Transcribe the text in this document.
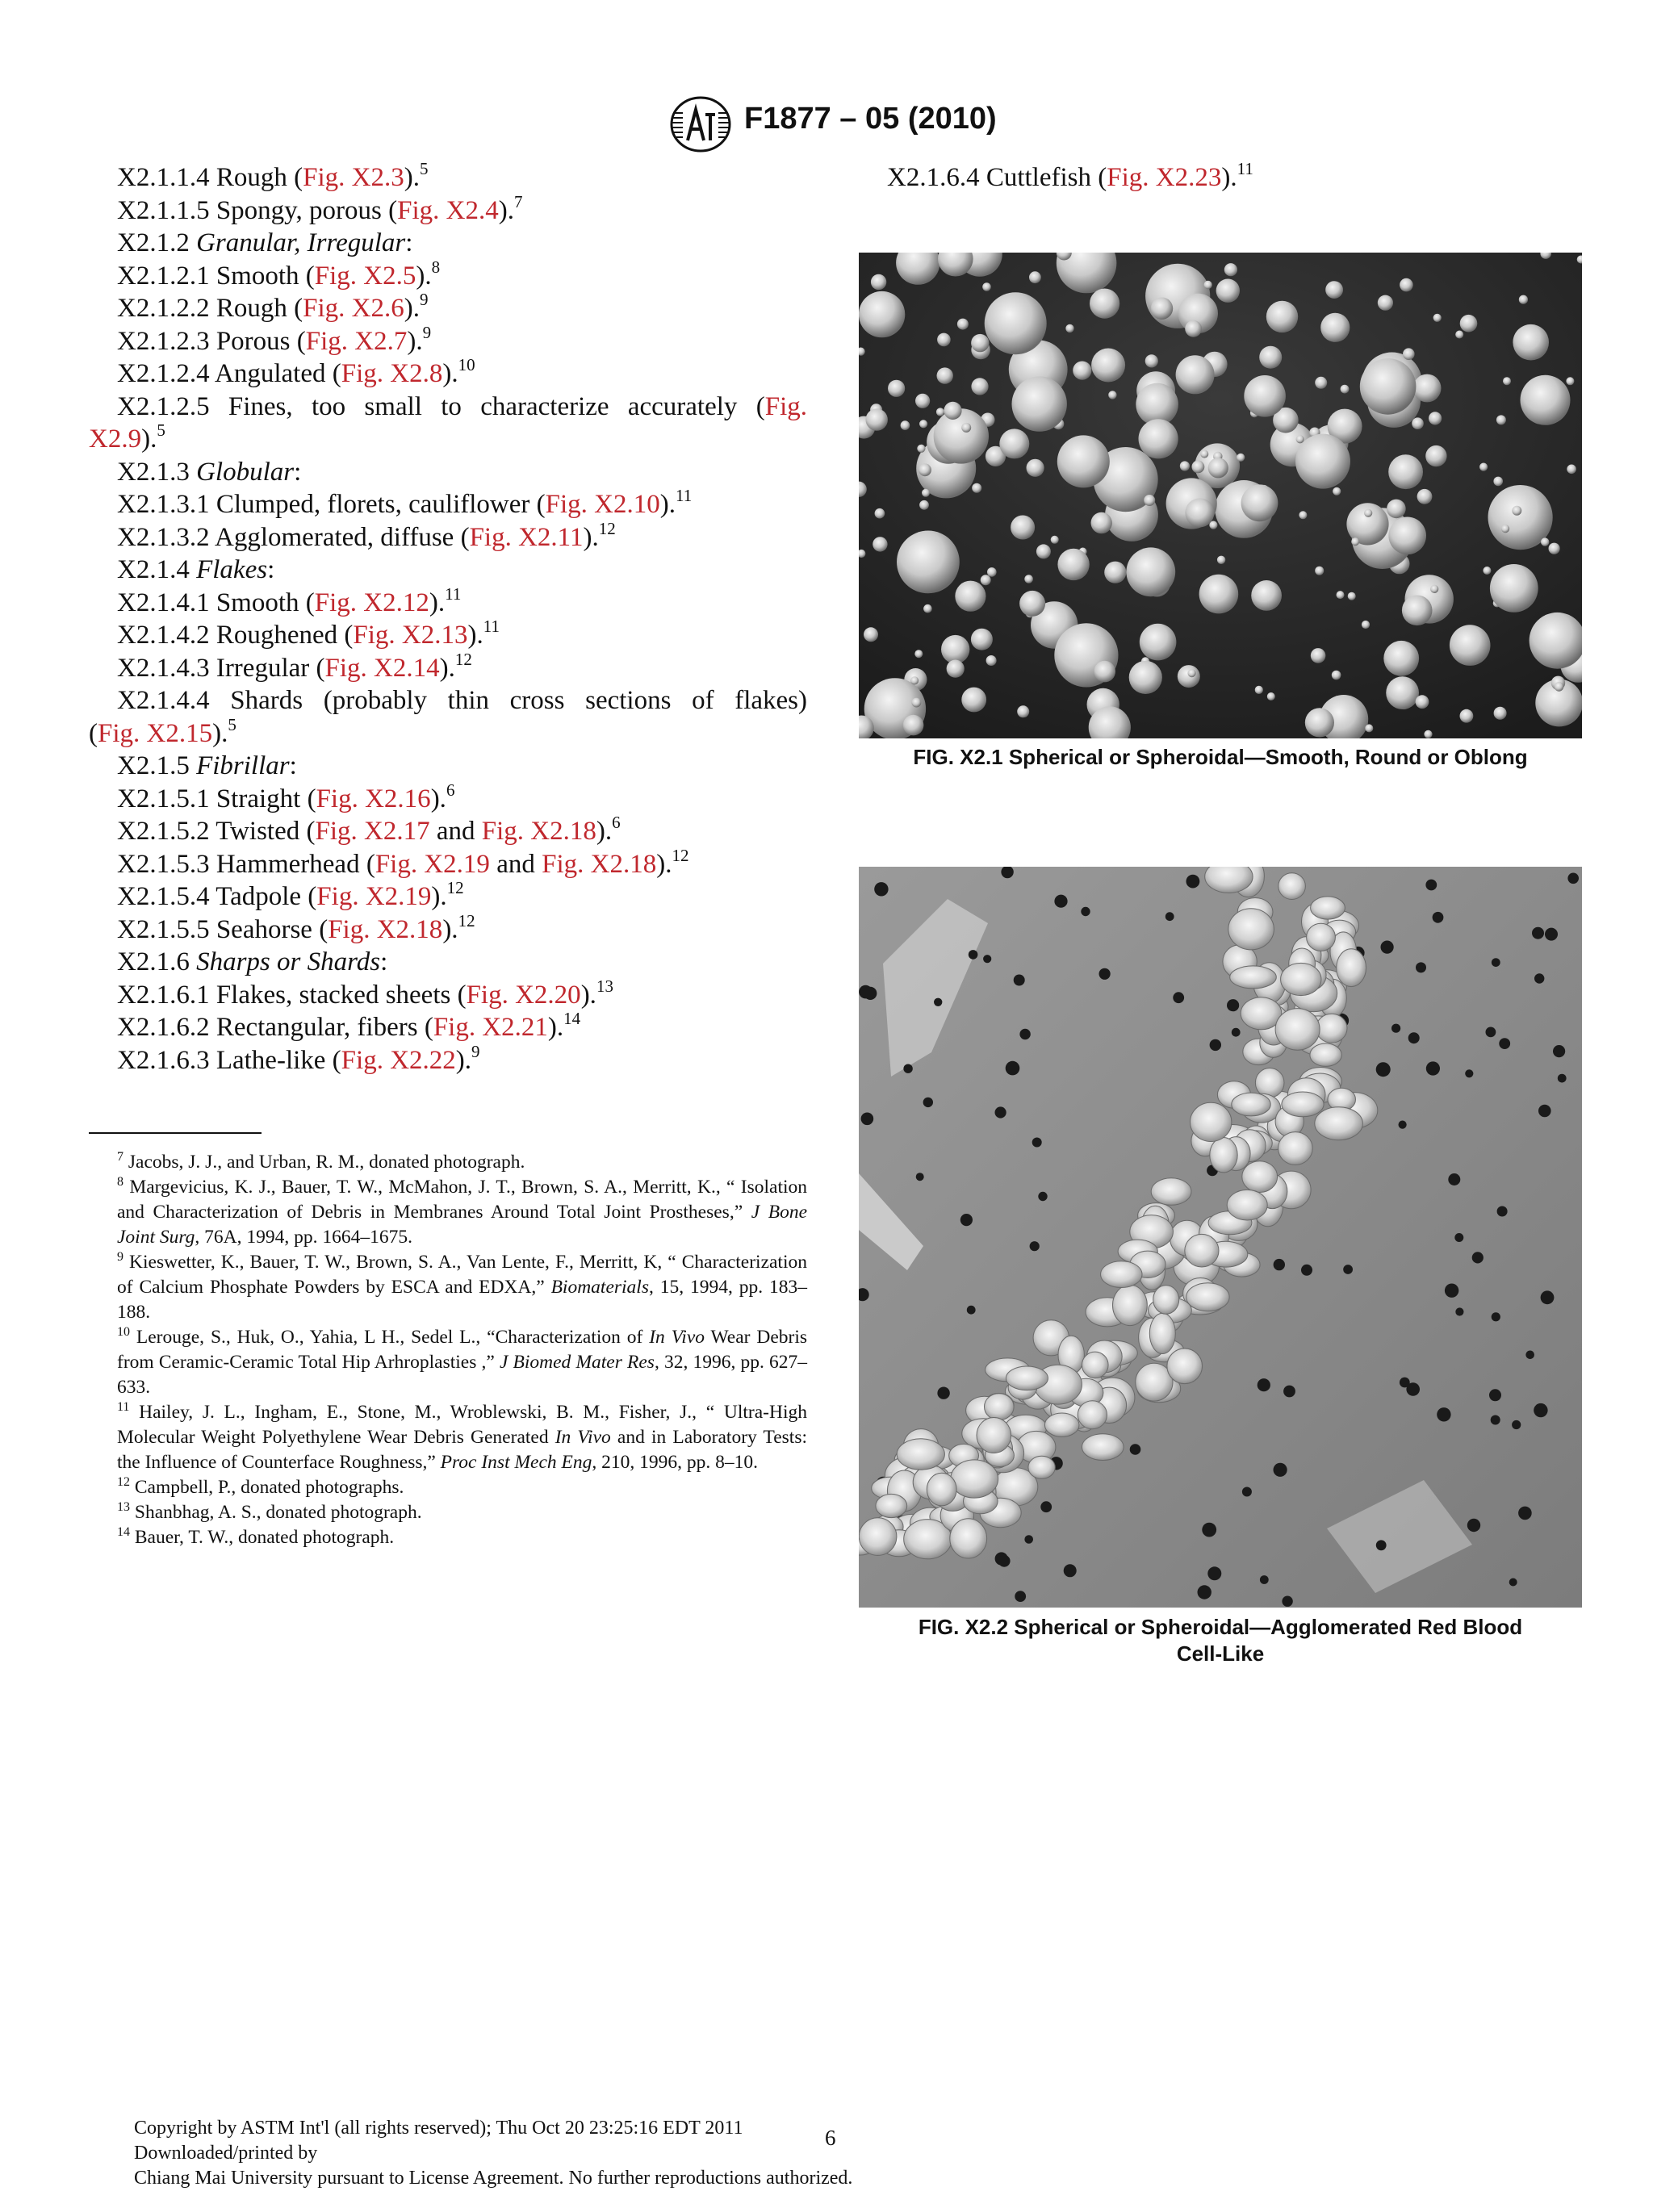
F1877 – 05 (2010)
X2.1.1.4 Rough (Fig. X2.3).$^5$
X2.1.1.5 Spongy, porous (Fig. X2.4).$^7$
X2.1.2 Granular, Irregular:
X2.1.2.1 Smooth (Fig. X2.5).$^8$
X2.1.2.2 Rough (Fig. X2.6).$^9$
X2.1.2.3 Porous (Fig. X2.7).$^9$
X2.1.2.4 Angulated (Fig. X2.8).$^{10}$
X2.1.2.5 Fines, too small to characterize accurately (Fig.
X2.9).$^5$
X2.1.3 Globular:
X2.1.3.1 Clumped, florets, cauliflower (Fig. X2.10).$^{11}$
X2.1.3.2 Agglomerated, diffuse (Fig. X2.11).$^{12}$
X2.1.4 Flakes:
X2.1.4.1 Smooth (Fig. X2.12).$^{11}$
X2.1.4.2 Roughened (Fig. X2.13).$^{11}$
X2.1.4.3 Irregular (Fig. X2.14).$^{12}$
X2.1.4.4 Shards (probably thin cross sections of flakes)
(Fig. X2.15).$^5$
X2.1.5 Fibrillar:
X2.1.5.1 Straight (Fig. X2.16).$^6$
X2.1.5.2 Twisted (Fig. X2.17 and Fig. X2.18).$^6$
X2.1.5.3 Hammerhead (Fig. X2.19 and Fig. X2.18).$^{12}$
X2.1.5.4 Tadpole (Fig. X2.19).$^{12}$
X2.1.5.5 Seahorse (Fig. X2.18).$^{12}$
X2.1.6 Sharps or Shards:
X2.1.6.1 Flakes, stacked sheets (Fig. X2.20).$^{13}$
X2.1.6.2 Rectangular, fibers (Fig. X2.21).$^{14}$
X2.1.6.3 Lathe-like (Fig. X2.22).$^9$
$^7$ Jacobs, J. J., and Urban, R. M., donated photograph.
$^8$ Margevicius, K. J., Bauer, T. W., McMahon, J. T., Brown, S. A., Merritt, K., “ Isolation and Characterization of Debris in Membranes Around Total Joint Prostheses,” J Bone Joint Surg, 76A, 1994, pp. 1664–1675.
$^9$ Kieswetter, K., Bauer, T. W., Brown, S. A., Van Lente, F., Merritt, K, “ Characterization of Calcium Phosphate Powders by ESCA and EDXA,” Biomaterials, 15, 1994, pp. 183–188.
$^{10}$ Lerouge, S., Huk, O., Yahia, L H., Sedel L., “Characterization of In Vivo Wear Debris from Ceramic-Ceramic Total Hip Arhroplasties ,” J Biomed Mater Res, 32, 1996, pp. 627–633.
$^{11}$ Hailey, J. L., Ingham, E., Stone, M., Wroblewski, B. M., Fisher, J., “ Ultra-High Molecular Weight Polyethylene Wear Debris Generated In Vivo and in Laboratory Tests: the Influence of Counterface Roughness,” Proc Inst Mech Eng, 210, 1996, pp. 8–10.
$^{12}$ Campbell, P., donated photographs.
$^{13}$ Shanbhag, A. S., donated photograph.
$^{14}$ Bauer, T. W., donated photograph.
X2.1.6.4 Cuttlefish (Fig. X2.23).$^{11}$
FIG. X2.1 Spherical or Spheroidal—Smooth, Round or Oblong
FIG. X2.2 Spherical or Spheroidal—Agglomerated Red Blood
Cell-Like
Copyright by ASTM Int'l (all rights reserved); Thu Oct 20 23:25:16 EDT 2011
Downloaded/printed by
Chiang Mai University pursuant to License Agreement. No further reproductions authorized.
6
